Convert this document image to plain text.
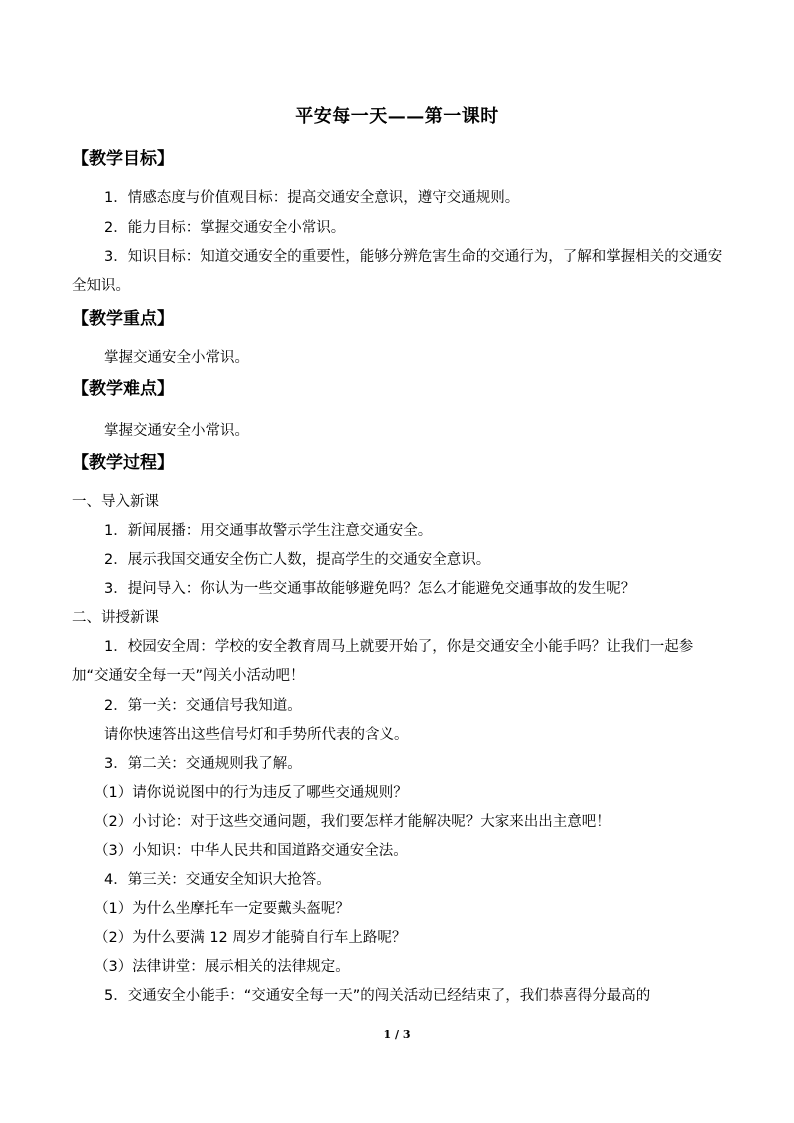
平安每一天——第一课时
【教学目标】
1．情感态度与价值观目标：提高交通安全意识，遵守交通规则。
2．能力目标：掌握交通安全小常识。
3．知识目标：知道交通安全的重要性，能够分辨危害生命的交通行为，了解和掌握相关的交通安全知识。
【教学重点】
掌握交通安全小常识。
【教学难点】
掌握交通安全小常识。
【教学过程】
一、导入新课
1．新闻展播：用交通事故警示学生注意交通安全。
2．展示我国交通安全伤亡人数，提高学生的交通安全意识。
3．提问导入：你认为一些交通事故能够避免吗？怎么才能避免交通事故的发生呢？
二、讲授新课
1．校园安全周：学校的安全教育周马上就要开始了，你是交通安全小能手吗？让我们一起参加“交通安全每一天”闯关小活动吧！
2．第一关：交通信号我知道。
请你快速答出这些信号灯和手势所代表的含义。
3．第二关：交通规则我了解。
（1）请你说说图中的行为违反了哪些交通规则？
（2）小讨论：对于这些交通问题，我们要怎样才能解决呢？大家来出出主意吧！
（3）小知识：中华人民共和国道路交通安全法。
4．第三关：交通安全知识大抢答。
（1）为什么坐摩托车一定要戴头盔呢？
（2）为什么要满 12 周岁才能骑自行车上路呢？
（3）法律讲堂：展示相关的法律规定。
5．交通安全小能手：“交通安全每一天”的闯关活动已经结束了，我们恭喜得分最高的
1 / 3
